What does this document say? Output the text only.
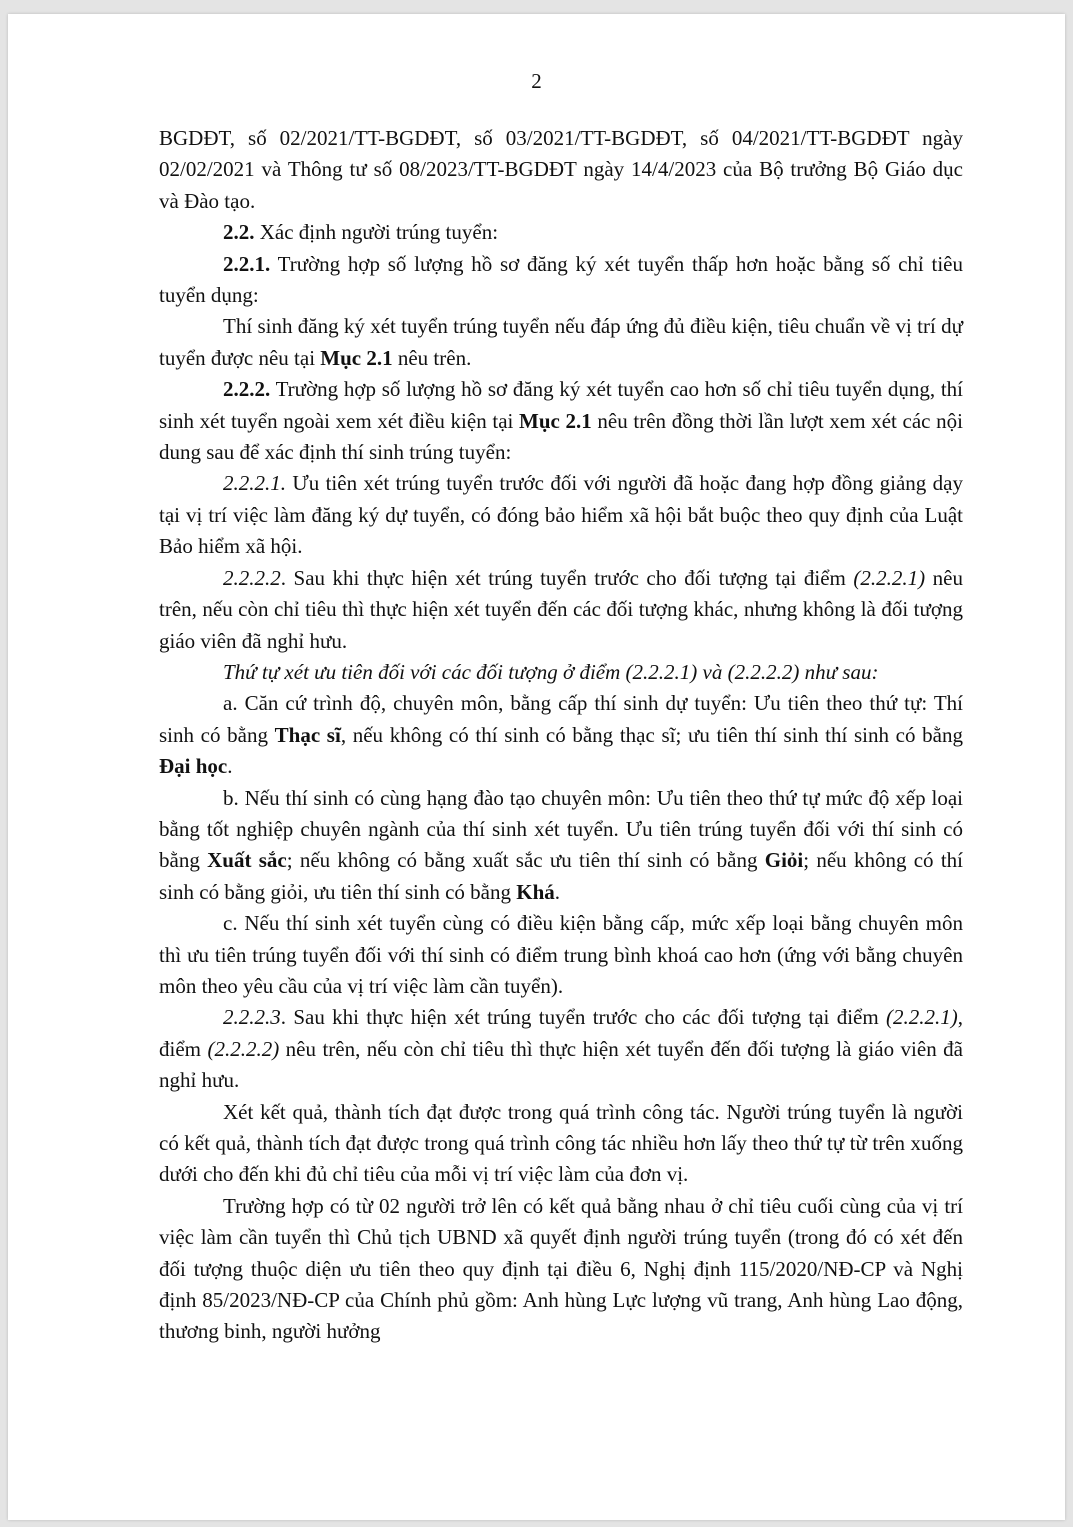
2

BGDĐT, số 02/2021/TT-BGDĐT, số 03/2021/TT-BGDĐT, số 04/2021/TT-BGDĐT ngày 02/02/2021 và Thông tư số 08/2023/TT-BGDĐT ngày 14/4/2023 của Bộ trưởng Bộ Giáo dục và Đào tạo.

2.2. Xác định người trúng tuyển:

2.2.1. Trường hợp số lượng hồ sơ đăng ký xét tuyển thấp hơn hoặc bằng số chỉ tiêu tuyển dụng:

Thí sinh đăng ký xét tuyển trúng tuyển nếu đáp ứng đủ điều kiện, tiêu chuẩn về vị trí dự tuyển được nêu tại Mục 2.1 nêu trên.

2.2.2. Trường hợp số lượng hồ sơ đăng ký xét tuyển cao hơn số chỉ tiêu tuyển dụng, thí sinh xét tuyển ngoài xem xét điều kiện tại Mục 2.1 nêu trên đồng thời lần lượt xem xét các nội dung sau để xác định thí sinh trúng tuyển:

2.2.2.1. Ưu tiên xét trúng tuyển trước đối với người đã hoặc đang hợp đồng giảng dạy tại vị trí việc làm đăng ký dự tuyển, có đóng bảo hiểm xã hội bắt buộc theo quy định của Luật Bảo hiểm xã hội.

2.2.2.2. Sau khi thực hiện xét trúng tuyển trước cho đối tượng tại điểm (2.2.2.1) nêu trên, nếu còn chỉ tiêu thì thực hiện xét tuyển đến các đối tượng khác, nhưng không là đối tượng giáo viên đã nghỉ hưu.

Thứ tự xét ưu tiên đối với các đối tượng ở điểm (2.2.2.1) và (2.2.2.2) như sau:

a. Căn cứ trình độ, chuyên môn, bằng cấp thí sinh dự tuyển: Ưu tiên theo thứ tự: Thí sinh có bằng Thạc sĩ, nếu không có thí sinh có bằng thạc sĩ; ưu tiên thí sinh thí sinh có bằng Đại học.

b. Nếu thí sinh có cùng hạng đào tạo chuyên môn: Ưu tiên theo thứ tự mức độ xếp loại bằng tốt nghiệp chuyên ngành của thí sinh xét tuyển. Ưu tiên trúng tuyển đối với thí sinh có bằng Xuất sắc; nếu không có bằng xuất sắc ưu tiên thí sinh có bằng Giỏi; nếu không có thí sinh có bằng giỏi, ưu tiên thí sinh có bằng Khá.

c. Nếu thí sinh xét tuyển cùng có điều kiện bằng cấp, mức xếp loại bằng chuyên môn thì ưu tiên trúng tuyển đối với thí sinh có điểm trung bình khoá cao hơn (ứng với bằng chuyên môn theo yêu cầu của vị trí việc làm cần tuyển).

2.2.2.3. Sau khi thực hiện xét trúng tuyển trước cho các đối tượng tại điểm (2.2.2.1), điểm (2.2.2.2) nêu trên, nếu còn chỉ tiêu thì thực hiện xét tuyển đến đối tượng là giáo viên đã nghỉ hưu.

Xét kết quả, thành tích đạt được trong quá trình công tác. Người trúng tuyển là người có kết quả, thành tích đạt được trong quá trình công tác nhiều hơn lấy theo thứ tự từ trên xuống dưới cho đến khi đủ chỉ tiêu của mỗi vị trí việc làm của đơn vị.

Trường hợp có từ 02 người trở lên có kết quả bằng nhau ở chỉ tiêu cuối cùng của vị trí việc làm cần tuyển thì Chủ tịch UBND xã quyết định người trúng tuyển (trong đó có xét đến đối tượng thuộc diện ưu tiên theo quy định tại điều 6, Nghị định 115/2020/NĐ-CP và Nghị định 85/2023/NĐ-CP của Chính phủ gồm: Anh hùng Lực lượng vũ trang, Anh hùng Lao động, thương binh, người hưởng
